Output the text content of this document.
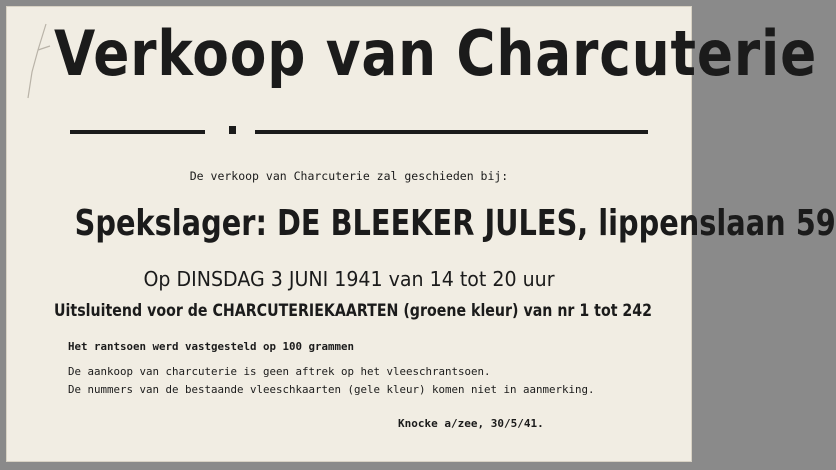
Verkoop van Charcuterie
De verkoop van Charcuterie zal geschieden bij:
Spekslager: DE BLEEKER JULES, lippenslaan 59
Op DINSDAG 3 JUNI 1941 van 14 tot 20 uur
Uitsluitend voor de CHARCUTERIEKAARTEN (groene kleur) van nr 1 tot 242
Het rantsoen werd vastgesteld op 100 grammen
De aankoop van charcuterie is geen aftrek op het vleeschrantsoen.
De nummers van de bestaande vleeschkaarten (gele kleur) komen niet in aanmerking.
Knocke a/zee, 30/5/41.
